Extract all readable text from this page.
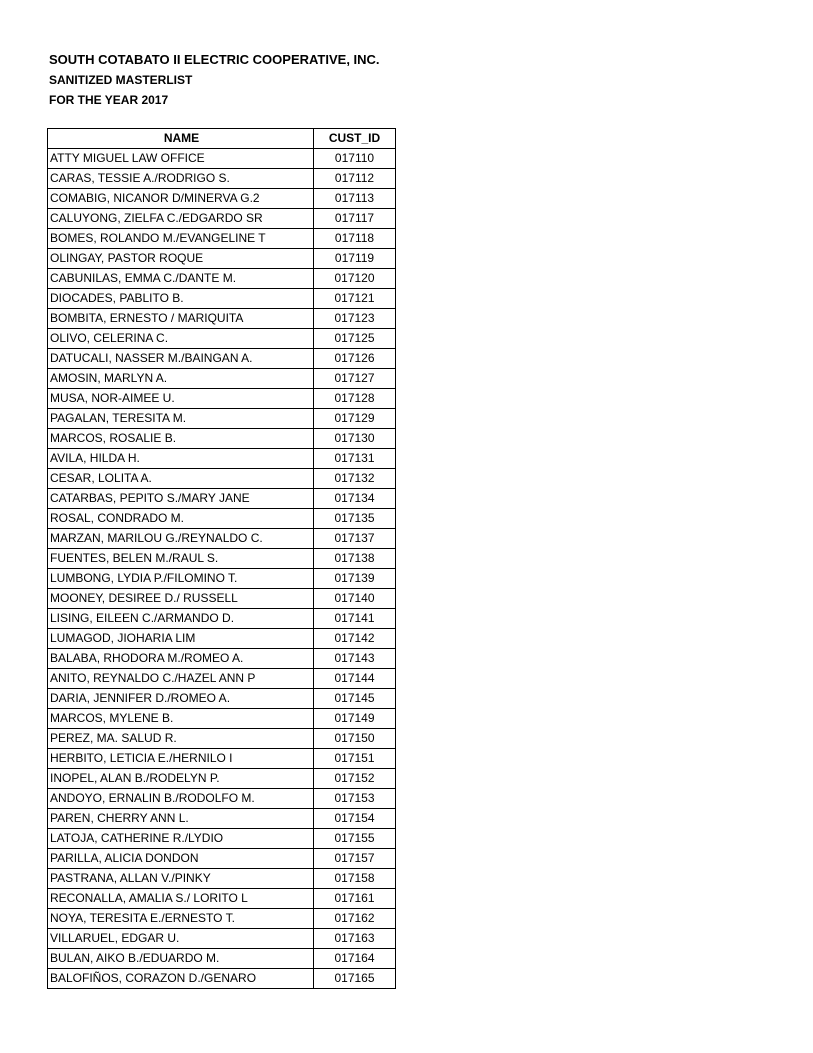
SOUTH COTABATO II ELECTRIC COOPERATIVE, INC.
SANITIZED MASTERLIST
FOR THE YEAR 2017
NAME	CUST_ID
ATTY MIGUEL LAW OFFICE	017110
CARAS, TESSIE A./RODRIGO S.	017112
COMABIG, NICANOR D/MINERVA G.2	017113
CALUYONG, ZIELFA C./EDGARDO SR	017117
BOMES, ROLANDO M./EVANGELINE T	017118
OLINGAY, PASTOR ROQUE	017119
CABUNILAS, EMMA C./DANTE M.	017120
DIOCADES, PABLITO B.	017121
BOMBITA, ERNESTO / MARIQUITA	017123
OLIVO, CELERINA C.	017125
DATUCALI, NASSER M./BAINGAN A.	017126
AMOSIN, MARLYN A.	017127
MUSA, NOR-AIMEE U.	017128
PAGALAN, TERESITA M.	017129
MARCOS, ROSALIE B.	017130
AVILA, HILDA H.	017131
CESAR, LOLITA A.	017132
CATARBAS, PEPITO S./MARY JANE	017134
ROSAL, CONDRADO M.	017135
MARZAN, MARILOU G./REYNALDO C.	017137
FUENTES, BELEN M./RAUL S.	017138
LUMBONG, LYDIA P./FILOMINO T.	017139
MOONEY, DESIREE D./ RUSSELL	017140
LISING, EILEEN C./ARMANDO D.	017141
LUMAGOD, JIOHARIA LIM	017142
BALABA, RHODORA M./ROMEO A.	017143
ANITO, REYNALDO C./HAZEL ANN P	017144
DARIA, JENNIFER D./ROMEO A.	017145
MARCOS, MYLENE B.	017149
PEREZ, MA. SALUD R.	017150
HERBITO, LETICIA E./HERNILO I	017151
INOPEL, ALAN B./RODELYN P.	017152
ANDOYO, ERNALIN B./RODOLFO M.	017153
PAREN, CHERRY ANN L.	017154
LATOJA, CATHERINE R./LYDIO	017155
PARILLA, ALICIA DONDON	017157
PASTRANA, ALLAN V./PINKY	017158
RECONALLA, AMALIA S./ LORITO L	017161
NOYA, TERESITA E./ERNESTO T.	017162
VILLARUEL, EDGAR U.	017163
BULAN, AIKO B./EDUARDO M.	017164
BALOFIÑOS, CORAZON D./GENARO	017165
